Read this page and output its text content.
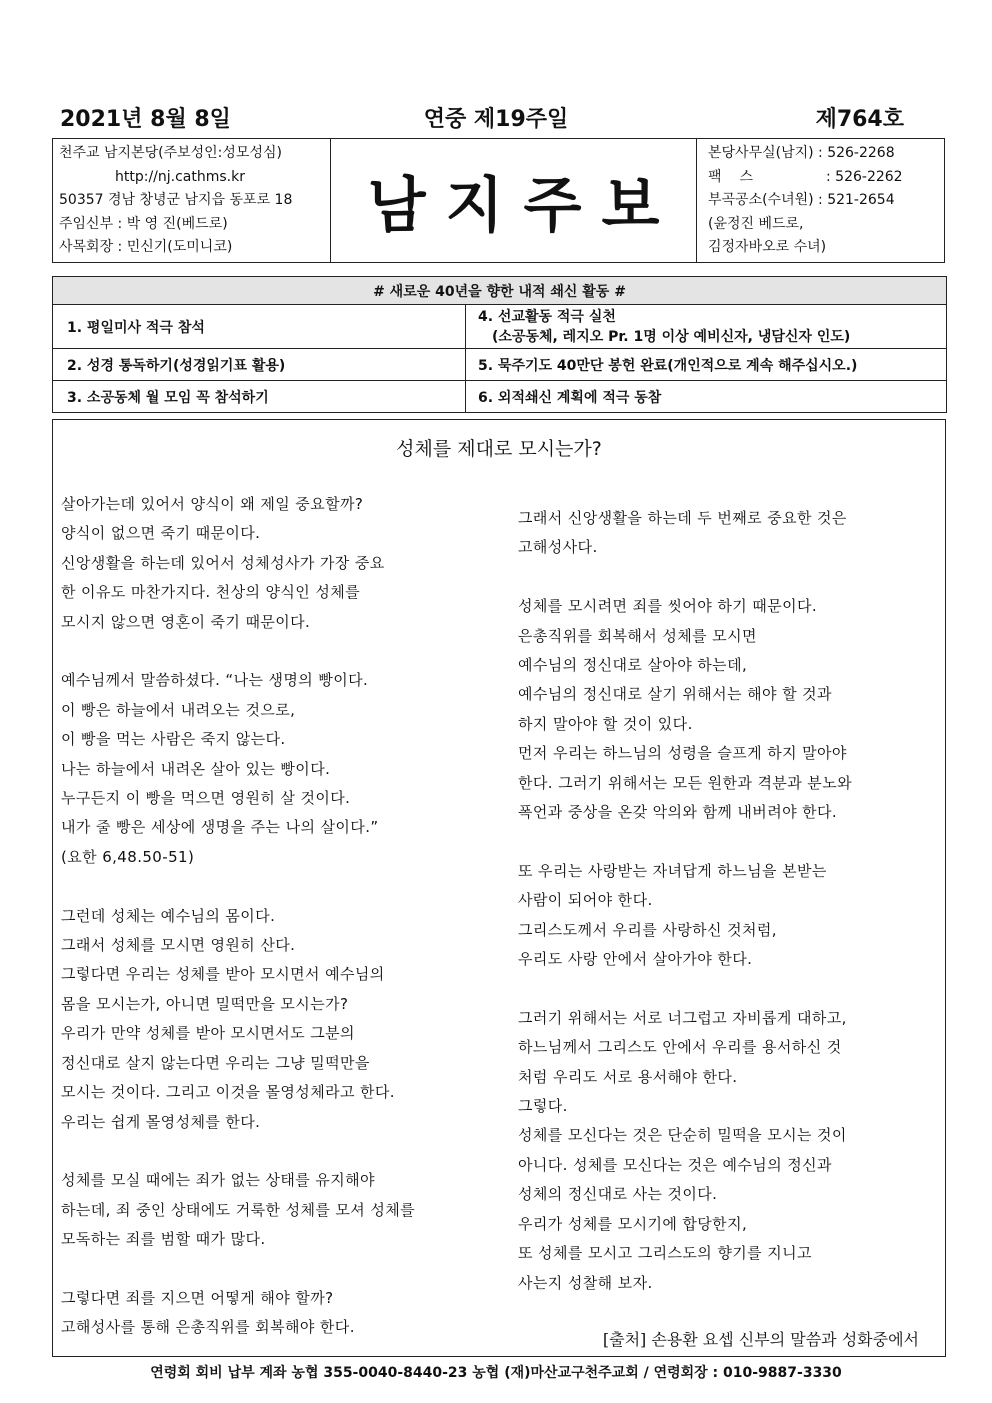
2021년 8월 8일	연중 제19주일	제764호
천주교 남지본당(주보성인:성모성심)
http://nj.cathms.kr
50357 경남 창녕군 남지읍 동포로 18
주임신부 : 박 영 진(베드로)
사목회장 : 민신기(도미니코)
남지주보
본당사무실(남지) : 526-2268
팩스	: 526-2262
부곡공소(수녀원) : 521-2654
(윤정진 베드로,
김정자바오로 수녀)
# 새로운 40년을 향한 내적 쇄신 활동 #	
1. 평일미사 적극 참석	4. 선교활동 적극 실천
(소공동체, 레지오 Pr. 1명 이상 예비신자, 냉담신자 인도)

2. 성경 통독하기(성경읽기표 활용)	5. 묵주기도 40만단 봉헌 완료(개인적으로 계속 해주십시오.)
3. 소공동체 월 모임 꼭 참석하기	6. 외적쇄신 계획에 적극 동참
성체를 제대로 모시는가?

살아가는데 있어서 양식이 왜 제일 중요할까?

양식이 없으면 죽기 때문이다.

신앙생활을 하는데 있어서 성체성사가 가장 중요

한 이유도 마찬가지다. 천상의 양식인 성체를

모시지 않으면 영혼이 죽기 때문이다.

예수님께서 말씀하셨다. “나는 생명의 빵이다.

이 빵은 하늘에서 내려오는 것으로,

이 빵을 먹는 사람은 죽지 않는다.

나는 하늘에서 내려온 살아 있는 빵이다.

누구든지 이 빵을 먹으면 영원히 살 것이다.

내가 줄 빵은 세상에 생명을 주는 나의 살이다.”

(요한 6,48.50-51)

그런데 성체는 예수님의 몸이다.

그래서 성체를 모시면 영원히 산다.

그렇다면 우리는 성체를 받아 모시면서 예수님의

몸을 모시는가, 아니면 밀떡만을 모시는가?

우리가 만약 성체를 받아 모시면서도 그분의

정신대로 살지 않는다면 우리는 그냥 밀떡만을

모시는 것이다. 그리고 이것을 몰영성체라고 한다.

우리는 쉽게 몰영성체를 한다.

성체를 모실 때에는 죄가 없는 상태를 유지해야

하는데, 죄 중인 상태에도 거룩한 성체를 모셔 성체를

모독하는 죄를 범할 때가 많다.

그렇다면 죄를 지으면 어떻게 해야 할까?

고해성사를 통해 은총직위를 회복해야 한다.

그래서 신앙생활을 하는데 두 번째로 중요한 것은

고해성사다.

성체를 모시려면 죄를 씻어야 하기 때문이다.

은총직위를 회복해서 성체를 모시면

예수님의 정신대로 살아야 하는데,

예수님의 정신대로 살기 위해서는 해야 할 것과

하지 말아야 할 것이 있다.

먼저 우리는 하느님의 성령을 슬프게 하지 말아야

한다. 그러기 위해서는 모든 원한과 격분과 분노와

폭언과 중상을 온갖 악의와 함께 내버려야 한다.

또 우리는 사랑받는 자녀답게 하느님을 본받는

사람이 되어야 한다.

그리스도께서 우리를 사랑하신 것처럼,

우리도 사랑 안에서 살아가야 한다.

그러기 위해서는 서로 너그럽고 자비롭게 대하고,

하느님께서 그리스도 안에서 우리를 용서하신 것

처럼 우리도 서로 용서해야 한다.

그렇다.

성체를 모신다는 것은 단순히 밀떡을 모시는 것이

아니다. 성체를 모신다는 것은 예수님의 정신과

성체의 정신대로 사는 것이다.

우리가 성체를 모시기에 합당한지,

또 성체를 모시고 그리스도의 향기를 지니고

사는지 성찰해 보자.

[출처] 손용환 요셉 신부의 말씀과 성화중에서
연령회 회비 납부 계좌 농협 355-0040-8440-23 농협 (재)마산교구천주교회 / 연령회장 : 010-9887-3330
